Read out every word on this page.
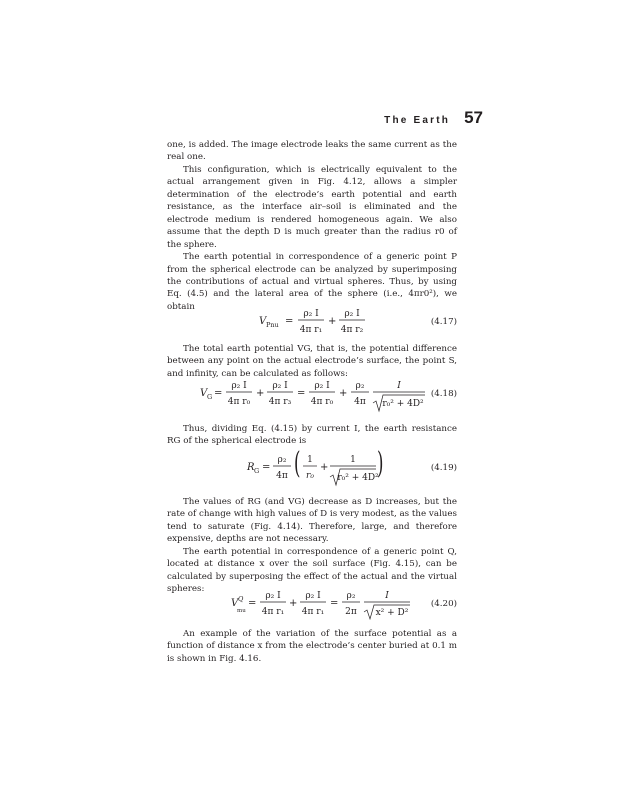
The Earth 57

one, is added. The image electrode leaks the same current as the real one.

This configuration, which is electrically equivalent to the actual arrangement given in Fig. 4.12, allows a simpler determination of the electrode’s earth potential and earth resistance, as the interface air–soil is eliminated and the electrode medium is rendered homogeneous again. We also assume that the depth D is much greater than the radius r0 of the sphere.

The earth potential in correspondence of a generic point P from the spherical electrode can be analyzed by superimposing the contributions of actual and virtual spheres. Thus, by using Eq. (4.5) and the lateral area of the sphere (i.e., 4πr0²), we obtain

V Pnu =
ρ₂ I
4π r₁
+
ρ₂ I
4π r₂
(4.17)

The total earth potential VG, that is, the potential difference between any point on the actual electrode’s surface, the point S, and infinity, can be calculated as follows:

V G =
ρ₂ I
4π r₀
+
ρ₂ I
4π r₃
=
ρ₂ I
4π r₀
+
ρ₂
4π
I
r₀² + 4D²
(4.18)

Thus, dividing Eq. (4.15) by current I, the earth resistance RG of the spherical electrode is

R G =
ρ₂
4π ( 1
r₀
+
1
r₀² + 4D²
)	(4.19)

The values of RG (and VG) decrease as D increases, but the rate of change with high values of D is very modest, as the values tend to saturate (Fig. 4.14). Therefore, large, and therefore expensive, depths are not necessary.

The earth potential in correspondence of a generic point Q, located at distance x over the soil surface (Fig. 4.15), can be calculated by superposing the effect of the actual and the virtual spheres:

V Q
mu
=
ρ₂ I
4π r₁
+
ρ₂ I
4π r₁
=
ρ₂
2π
I
x² + D²
(4.20)

An example of the variation of the surface potential as a function of distance x from the electrode’s center buried at 0.1 m is shown in Fig. 4.16.
